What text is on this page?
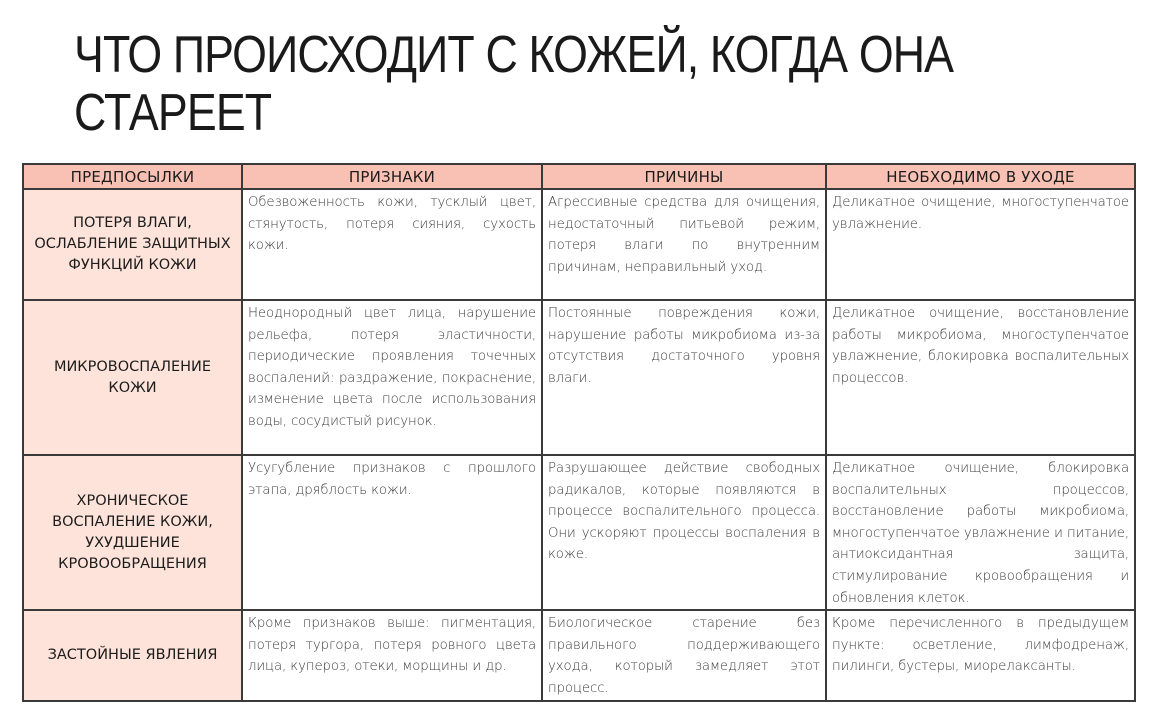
ЧТО ПРОИСХОДИТ С КОЖЕЙ, КОГДА ОНА СТАРЕЕТ
ПРЕДПОСЫЛКИ	ПРИЗНАКИ	ПРИЧИНЫ	НЕОБХОДИМО В УХОДЕ
ПОТЕРЯ ВЛАГИ, ОСЛАБЛЕНИЕ ЗАЩИТНЫХ ФУНКЦИЙ КОЖИ	Обезвоженность кожи, тусклый цвет, стянутость, потеря сияния, сухость кожи.	Агрессивные средства для очищения, недостаточный питьевой режим, потеря влаги по внутренним причинам, неправильный уход.	Деликатное очищение, многоступенчатое увлажнение.
МИКРОВОСПАЛЕНИЕ КОЖИ	Неоднородный цвет лица, нарушение рельефа, потеря эластичности, периодические проявления точечных воспалений: раздражение, покраснение, изменение цвета после использования воды, сосудистый рисунок.	Постоянные повреждения кожи, нарушение работы микробиома из-за отсутствия достаточного уровня влаги.	Деликатное очищение, восстановление работы микробиома, многоступенчатое увлажнение, блокировка воспалительных процессов.
ХРОНИЧЕСКОЕ ВОСПАЛЕНИЕ КОЖИ, УХУДШЕНИЕ КРОВООБРАЩЕНИЯ	Усугубление признаков с прошлого этапа, дряблость кожи.	Разрушающее действие свободных радикалов, которые появляются в процессе воспалительного процесса. Они ускоряют процессы воспаления в коже.	Деликатное очищение, блокировка воспалительных процессов, восстановление работы микробиома, многоступенчатое увлажнение и питание, антиоксидантная защита, стимулирование кровообращения и обновления клеток.
ЗАСТОЙНЫЕ ЯВЛЕНИЯ	Кроме признаков выше: пигментация, потеря тургора, потеря ровного цвета лица, купероз, отеки, морщины и др.	Биологическое старение без правильного поддерживающего ухода, который замедляет этот процесс.	Кроме перечисленного в предыдущем пункте: осветление, лимфодренаж, пилинги, бустеры, миорелаксанты.
